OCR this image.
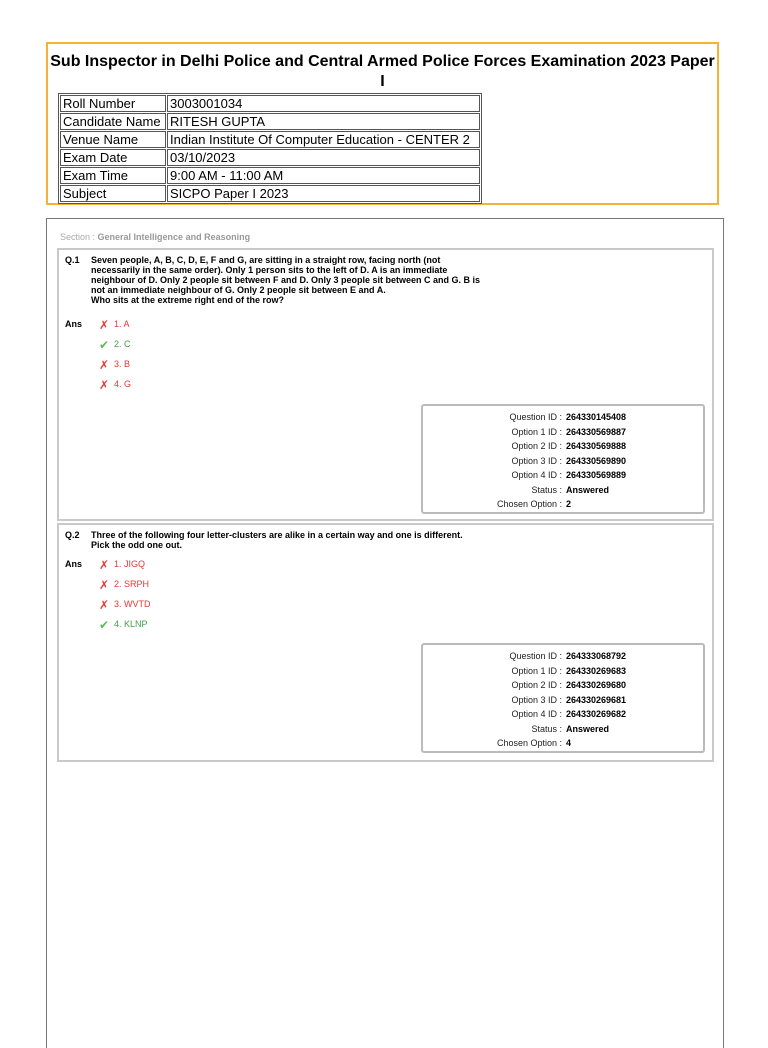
Sub Inspector in Delhi Police and Central Armed Police Forces Examination 2023 Paper I
Roll Number	3003001034
Candidate Name	RITESH GUPTA
Venue Name	Indian Institute Of Computer Education - CENTER 2
Exam Date	03/10/2023
Exam Time	9:00 AM - 11:00 AM
Subject	SICPO Paper I 2023
Section : General Intelligence and Reasoning
Q.1 Seven people, A, B, C, D, E, F and G, are sitting in a straight row, facing north (not
necessarily in the same order). Only 1 person sits to the left of D. A is an immediate
neighbour of D. Only 2 people sit between F and D. Only 3 people sit between C and G. B is
not an immediate neighbour of G. Only 2 people sit between E and A.
Who sits at the extreme right end of the row?
Ans ✗ 1. A
✔ 2. C
✗ 3. B
✗ 4. G
Question ID : 264330145408
Option 1 ID : 264330569887
Option 2 ID : 264330569888
Option 3 ID : 264330569890
Option 4 ID : 264330569889
Status : Answered
Chosen Option : 2
Q.2 Three of the following four letter-clusters are alike in a certain way and one is different.
Pick the odd one out.
Ans ✗ 1. JIGQ
✗ 2. SRPH
✗ 3. WVTD
✔ 4. KLNP
Question ID : 264333068792
Option 1 ID : 264330269683
Option 2 ID : 264330269680
Option 3 ID : 264330269681
Option 4 ID : 264330269682
Status : Answered
Chosen Option : 4
